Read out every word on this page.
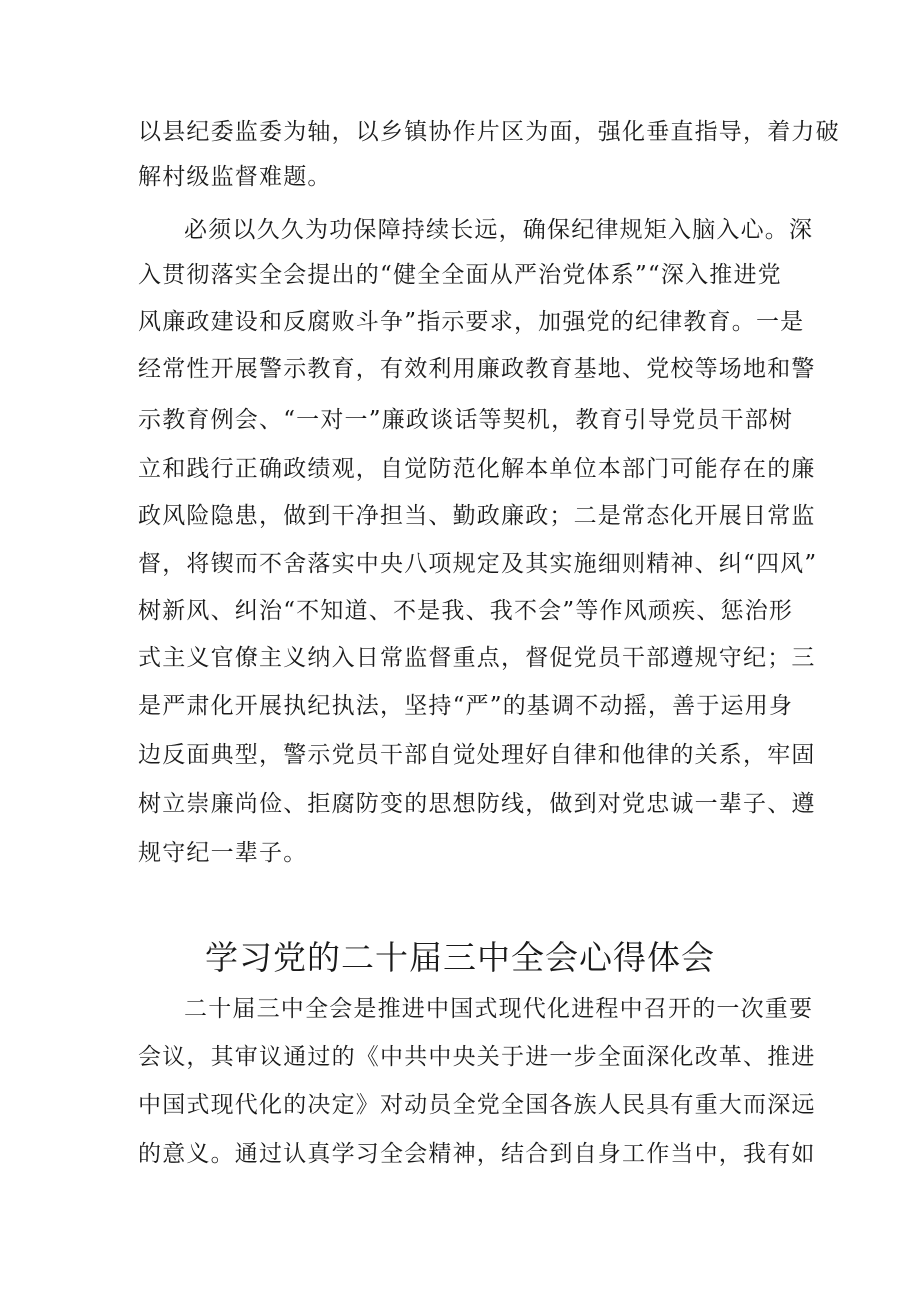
以县纪委监委为轴，以乡镇协作片区为面，强化垂直指导，着力破
解村级监督难题。
必须以久久为功保障持续长远，确保纪律规矩入脑入心。深
入贯彻落实全会提出的“健全全面从严治党体系”“深入推进党
风廉政建设和反腐败斗争”指示要求，加强党的纪律教育。一是
经常性开展警示教育，有效利用廉政教育基地、党校等场地和警
示教育例会、“一对一”廉政谈话等契机，教育引导党员干部树
立和践行正确政绩观，自觉防范化解本单位本部门可能存在的廉
政风险隐患，做到干净担当、勤政廉政；二是常态化开展日常监
督，将锲而不舍落实中央八项规定及其实施细则精神、纠“四风”
树新风、纠治“不知道、不是我、我不会”等作风顽疾、惩治形
式主义官僚主义纳入日常监督重点，督促党员干部遵规守纪；三
是严肃化开展执纪执法，坚持“严”的基调不动摇，善于运用身
边反面典型，警示党员干部自觉处理好自律和他律的关系，牢固
树立崇廉尚俭、拒腐防变的思想防线，做到对党忠诚一辈子、遵
规守纪一辈子。
学习党的二十届三中全会心得体会
二十届三中全会是推进中国式现代化进程中召开的一次重要
会议，其审议通过的《中共中央关于进一步全面深化改革、推进
中国式现代化的决定》对动员全党全国各族人民具有重大而深远
的意义。通过认真学习全会精神，结合到自身工作当中，我有如
